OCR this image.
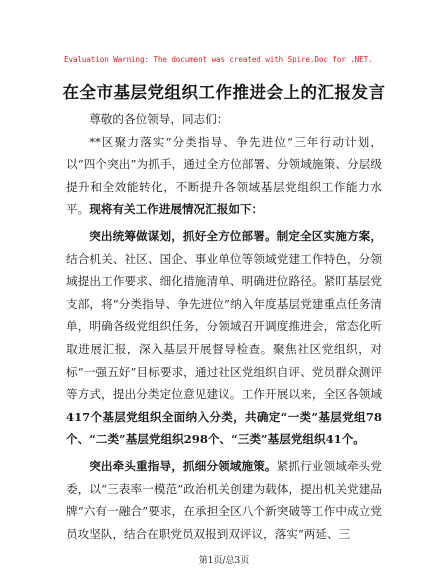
Evaluation Warning: The document was created with Spire.Doc for .NET.
在全市基层党组织工作推进会上的汇报发言

尊敬的各位领导，同志们：

**区聚力落实“分类指导、争先进位”三年行动计划，以“四个突出”为抓手，通过全方位部署、分领域施策、分层级提升和全效能转化，不断提升各领域基层党组织工作能力水平。现将有关工作进展情况汇报如下：

突出统筹做谋划，抓好全方位部署。制定全区实施方案，结合机关、社区、国企、事业单位等领域党建工作特色，分领域提出工作要求、细化措施清单、明确进位路径。紧盯基层党支部，将“分类指导、争先进位”纳入年度基层党建重点任务清单，明确各级党组织任务，分领域召开调度推进会，常态化听取进展汇报，深入基层开展督导检查。聚焦社区党组织，对标“一强五好”目标要求，通过社区党组织自评、党员群众测评等方式，提出分类定位意见建议。工作开展以来，全区各领域417个基层党组织全面纳入分类，共确定“一类”基层党组78个、“二类”基层党组织298个、“三类”基层党组织41个。

突出牵头重指导，抓细分领域施策。紧抓行业领域牵头党委，以“三表率一模范”政治机关创建为载体，提出机关党建品牌“六有一融合”要求，在承担全区八个新突破等工作中成立党员攻坚队，结合在职党员双报到双评议，落实“两延、三

第1页/总3页
